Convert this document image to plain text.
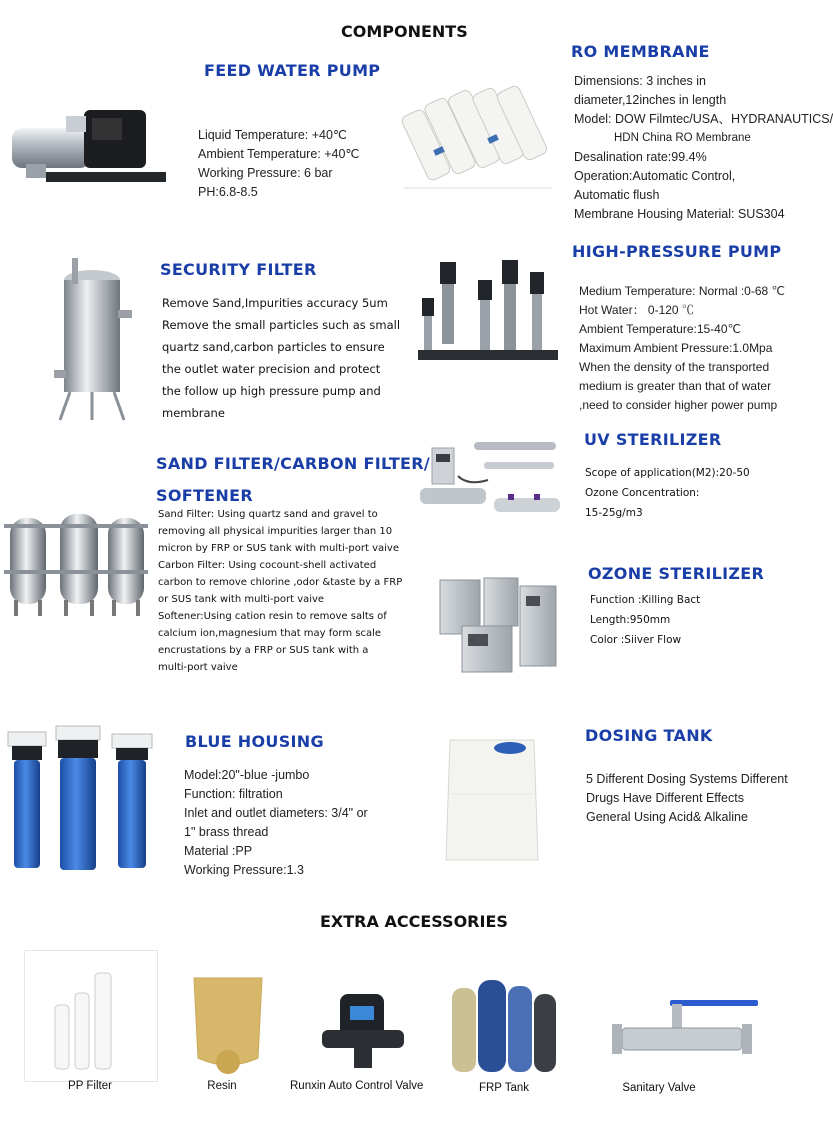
COMPONENTS
FEED WATER PUMP
Liquid Temperature: +40℃
Ambient Temperature: +40℃
Working Pressure: 6 bar
PH:6.8-8.5
RO MEMBRANE
Dimensions: 3 inches in
diameter,12inches in length
Model: DOW Filmtec/USA、HYDRANAUTICS/
HDN China RO Membrane
Desalination rate:99.4%
Operation:Automatic Control,
Automatic flush
Membrane Housing Material: SUS304
SECURITY FILTER
Remove Sand,Impurities accuracy 5um
Remove the small particles such as small
quartz sand,carbon particles to ensure
the outlet water precision and protect
the follow up high pressure pump and
membrane
HIGH-PRESSURE PUMP
Medium Temperature: Normal :0-68 ℃
Hot Water： 0-120 ℃
Ambient Temperature:15-40℃
Maximum Ambient Pressure:1.0Mpa
When the density of the transported
medium is greater than that of water
,need to consider higher power pump
SAND FILTER/CARBON FILTER/
SOFTENER
Sand Filter: Using quartz sand and gravel to
removing all physical impurities larger than 10
micron by FRP or SUS tank with multi-port vaive
Carbon Filter: Using cocount-shell activated
carbon to remove chlorine ,odor &taste by a FRP
or SUS tank with multi-port vaive
Softener:Using cation resin to remove salts of
calcium ion,magnesium that may form scale
encrustations by a FRP or SUS tank with a
multi-port vaive
UV STERILIZER
Scope of application(M2):20-50
Ozone Concentration:
15-25g/m3
OZONE STERILIZER
Function :Killing Bact
Length:950mm
Color :Siiver Flow
BLUE HOUSING
Model:20"-blue -jumbo
Function: filtration
Inlet and outlet diameters: 3/4" or
1" brass thread
Material :PP
Working Pressure:1.3
DOSING TANK
5 Different Dosing Systems Different
Drugs Have Different Effects
General Using Acid& Alkaline
EXTRA ACCESSORIES
PP Filter	Resin	Runxin Auto Control Valve	FRP Tank	Sanitary Valve
